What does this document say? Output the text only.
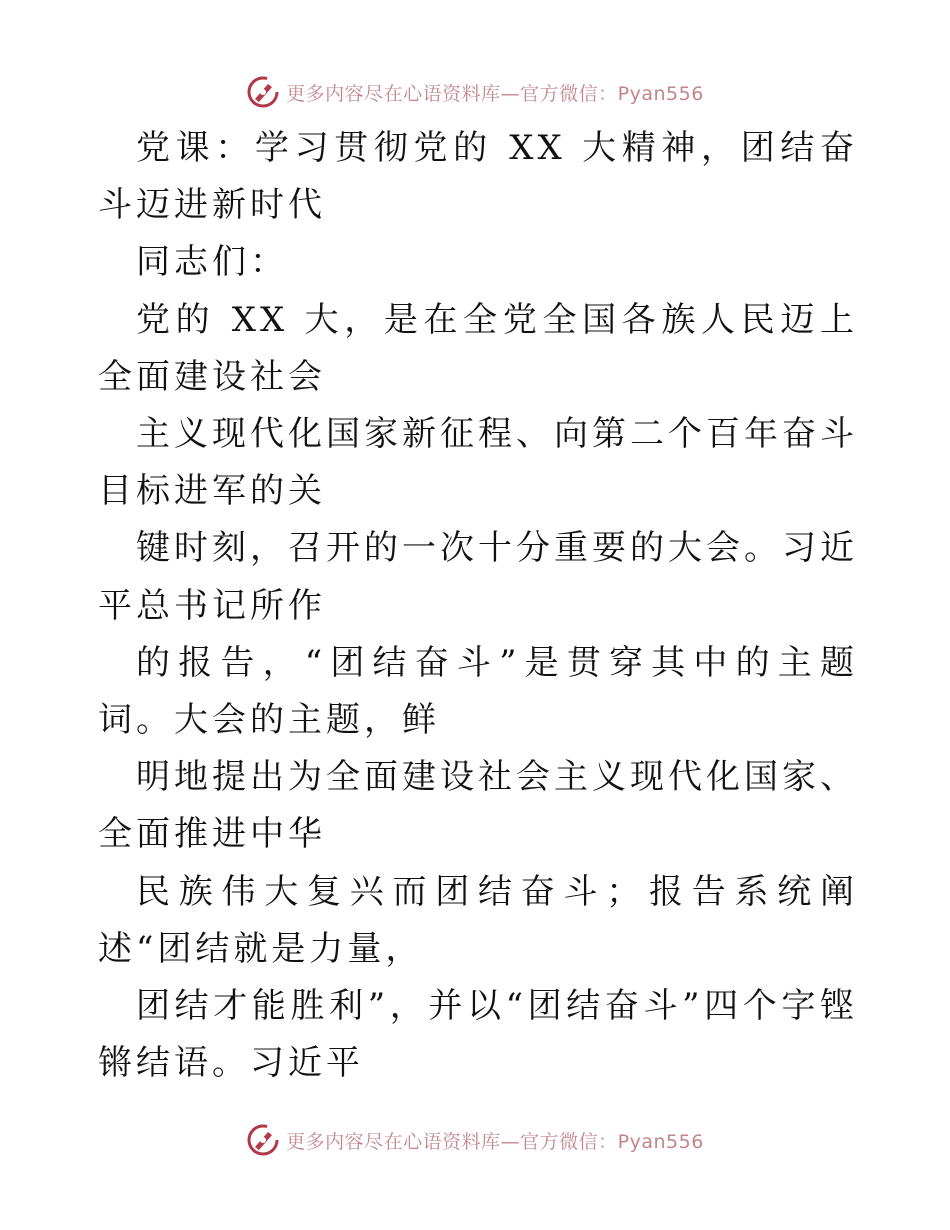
更多内容尽在心语资料库—官方微信：Pyan556

党课：学习贯彻党的 XX 大精神，团结奋斗迈进新时代

同志们：

党的 XX 大，是在全党全国各族人民迈上全面建设社会

主义现代化国家新征程、向第二个百年奋斗目标进军的关

键时刻，召开的一次十分重要的大会。习近平总书记所作

的报告，“团结奋斗”是贯穿其中的主题词。大会的主题，鲜

明地提出为全面建设社会主义现代化国家、全面推进中华

民族伟大复兴而团结奋斗；报告系统阐述“团结就是力量，

团结才能胜利”，并以“团结奋斗”四个字铿锵结语。习近平

更多内容尽在心语资料库—官方微信：Pyan556
